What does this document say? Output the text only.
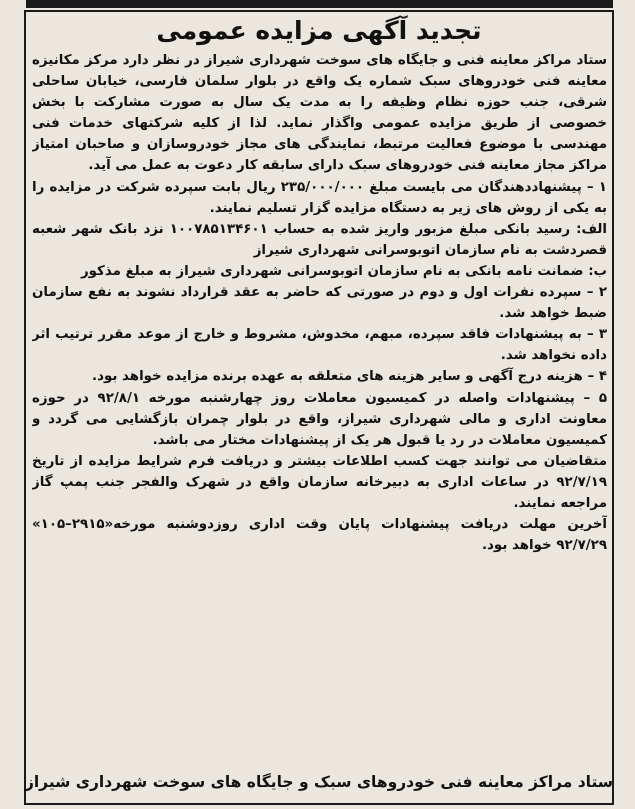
تجدید آگهی مزایده عمومی

ستاد مراکز معاینه فنی و جایگاه های سوخت شهرداری شیراز در نظر دارد مرکز مکانیزه معاینه فنی خودروهای سبک شماره یک واقع در بلوار سلمان فارسی، خیابان ساحلی شرقی، جنب حوزه نظام وظیفه را به مدت یک سال به صورت مشارکت با بخش خصوصی از طریق مزایده عمومی واگذار نماید. لذا از کلیه شرکتهای خدمات فنی مهندسی با موضوع فعالیت مرتبط، نمایندگی های مجاز خودروسازان و صاحبان امتیاز مراکز مجاز معاینه فنی خودروهای سبک دارای سابقه کار دعوت به عمل می آید.

۱ – پیشنهاددهندگان می بایست مبلغ ۲۳۵/۰۰۰/۰۰۰ ریال بابت سپرده شرکت در مزایده را به یکی از روش های زیر به دستگاه مزایده گزار تسلیم نمایند.

الف: رسید بانکی مبلغ مزبور واریز شده به حساب ۱۰۰۷۸۵۱۳۴۶۰۱ نزد بانک شهر شعبه قصردشت به نام سازمان اتوبوسرانی شهرداری شیراز

ب: ضمانت نامه بانکی به نام سازمان اتوبوسرانی شهرداری شیراز به مبلغ مذکور

۲ – سپرده نفرات اول و دوم در صورتی که حاضر به عقد قرارداد نشوند به نفع سازمان ضبط خواهد شد.

۳ – به پیشنهادات فاقد سپرده، مبهم، مخدوش، مشروط و خارج از موعد مقرر ترتیب اثر داده نخواهد شد.

۴ – هزینه درج آگهی و سایر هزینه های متعلقه به عهده برنده مزایده خواهد بود.

۵ – پیشنهادات واصله در کمیسیون معاملات روز چهارشنبه مورخه ۹۲/۸/۱ در حوزه معاونت اداری و مالی شهرداری شیراز، واقع در بلوار چمران بازگشایی می گردد و کمیسیون معاملات در رد یا قبول هر یک از پیشنهادات مختار می باشد.

متقاضیان می توانند جهت کسب اطلاعات بیشتر و دریافت فرم شرایط مزایده از تاریخ ۹۲/۷/۱۹ در ساعات اداری به دبیرخانه سازمان واقع در شهرک والفجر جنب پمپ گاز مراجعه نمایند.

«۱۰۵–۲۹۱۵» آخرین مهلت دریافت پیشنهادات پایان وقت اداری روزدوشنبه مورخه ۹۲/۷/۲۹ خواهد بود.

ستاد مراکز معاینه فنی خودروهای سبک و جایگاه های سوخت شهرداری شیراز
